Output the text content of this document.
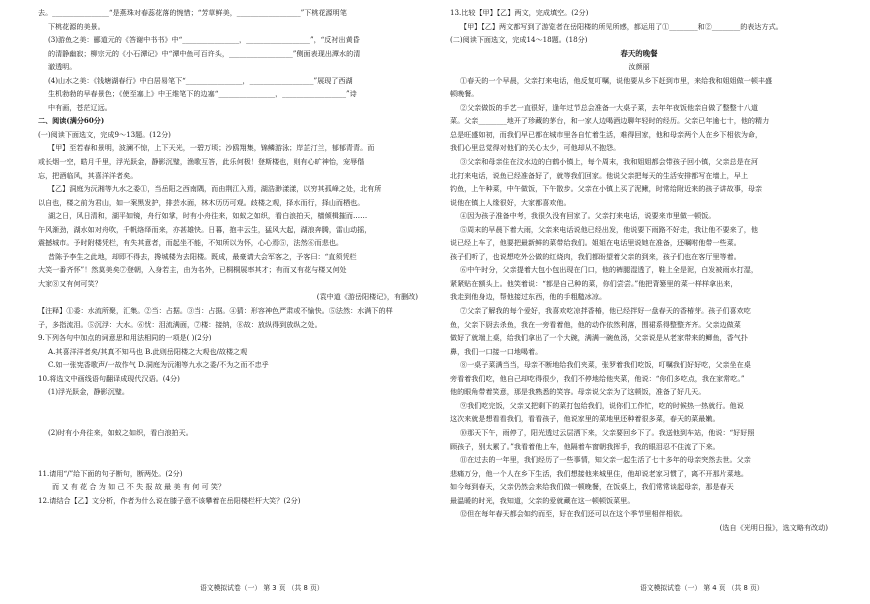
去。________________“是燕珠对春蕊花落的惋惜；“芳草鲜美，__________________”下桃花源明笔
下桃花源的美景。
(3)游鱼之美：郦道元的《答谢中书书》中“________________，__________________”，“反衬出黄昏
的清静幽寂；柳宗元的《小石潭记》中“潭中鱼可百许头，__________________”侧面表现出潭水的清
澈透明。
(4)山水之美：《钱塘湖春行》中白居易笔下“________________，__________________”展现了西湖
生机勃勃的早春景色；《使至塞上》中王维笔下的边塞“________________，__________________”诗
中有画，苍茫辽远。
二、阅读(满分60分)
(一)阅读下面选文，完成9～13题。(12分)
【甲】至若春和景明，波澜不惊，上下天光，一碧万顷；沙鸥翔集，锦鳞游泳；岸芷汀兰，郁郁青青。而
或长烟一空，皓月千里，浮光跃金，静影沉璧，渔歌互答，此乐何极！登斯楼也，则有心旷神怡，宠辱偕
忘，把酒临风，其喜洋洋者矣。
【乙】洞庭为沅湘等九水之委①，当岳阳之西南隅，而由荆江入焉，湖浩渺漾漾，以穷其孤峰之处，北有所
以自也，楼之前为君山，如一案黑发护，排芸水面，林木历历可观。歧楼之观，择水而行，择山而栖也。
湖之日，风日清和，湖平如镜，舟行如掌，时有小舟往来，如蚁之如织，看白浪拍天，樯倾楫摧而……
午风渐劲，湖水如对舟吹，千帆络绎而来，亦甚雄快。日暮，抱丰云生，猛风大起，湖浪奔腾，雷山动摇，
震撼城市。予时附楼凭栏，有失其意者，而起坐不能，不知所以为怀，心心焉⑤，法然⑥而悲也。
昔陈予李生之此地，却即不得去，搀城楼为去阳楼。既成，最豪请大会军客之，予客曰：“直须凭栏
大笑一番齐怀”！然莫美矣⑦登朝，入身若主，由为名外，已桐桐展率其才；有而又有花与楼又何处
大家⑧又有何可笑？
(袁中道《游岳阳楼记》，有删改)
【注释】①委：水流所聚，汇集。②当：占据。③当：占据。④猜：形容神色严肃或不愉快。⑤法然：水满下的样
子，多指流泪。⑤沉浮：大水。⑥忧：泪流满面，⑦楼：接纳，⑧故：放纵得到放纵之处。
9.下列各句中加点的词意思和用法相同的一项是( )(2分)
A.其喜洋洋者矣/其真不知马也 B.此则岳阳楼之大观也/故楼之观
C.如一张宪香歌声/一故作气 D.洞庭为沅湘等九水之委/不为之而不忠乎
10.将选文中画线语句翻译成现代汉语。(4分)
(1)浮光跃金，静影沉璧。
(2)时有小舟往来，如蚁之如织，看白浪拍天。
11.请用“/”给下面的句子断句，断两处。(2分)
而 又 有 花 合 为 如 己 不 失 报 故 最 美 有 何 可 笑？
12.请结合【乙】文分析，作者为什么说在膝子意不该攀着在岳阳楼栏杆大笑？(2分)
13.比较【甲】【乙】两文，完成填空。(2分)
【甲】【乙】两文都写到了游览者在岳阳楼的所见所感，都运用了①________和②________的表达方式。
(二)阅读下面选文，完成14～18题。(18分)
春天的晚餐
汝颜丽
①春天的一个早晨，父亲打来电话，他反复叮嘱，说他要从乡下赶到市里，来给我和姐姐做一顿丰盛
顿晚餐。
②父亲做饭的手艺一直很好，逢年过节总会准备一大桌子菜，去年年夜饭他亲自做了整整十八道
菜。父亲________地开了珍藏的茅台，和一家人边喝酒边聊年轻时的经历。父亲已年逾七十，他的精力
总是旺盛如初，而我们早已都在城市里各自忙着生活，难得回家，他和母亲两个人在乡下相依为命，
我们心里总觉得对他们的关心太少，可他却从不抱怨。
③父亲和母亲住在汶水边的白鹤小镇上，每个周末，我和姐姐都会带孩子回小镇，父亲总是在河
北打来电话，说鱼已经准备好了，就等我们回家。他说父亲把每天的生活安排都写在墙上，早上
钓鱼，上午种菜，中午做饭，下午散步。父亲在小镇上买了泥鳅，时常给附近来的孩子讲故事，母亲
说他在镇上人缘很好，大家都喜欢他。
④因为孩子准备中考，我很久没有回家了。父亲打来电话，说要来市里做一顿饭。
⑤周末的早晨下着大雨，父亲来电话说他已经出发，他说要下雨路不好走，我让他不要来了，他
说已经上车了，他要把最新鲜的菜带给我们。姐姐在电话里说她在准备，还嘱咐他带一些菜。
孩子们听了，也说想吃外公做的红烧肉，我们都盼望着父亲的到来，孩子们也在客厅里等着。
⑥中午时分，父亲提着大包小包出现在门口，他的裤腿湿透了，鞋上全是泥，白发被雨水打湿，
紧紧贴在额头上。他笑着说：“都是自己种的菜，你们尝尝。”他把背篓里的菜一样样拿出来，
我走到他身边，帮他接过东西，他的手粗糙冰凉。
⑦父亲了解我的每个爱好，我喜欢吃凉拌香椿，他已经拌好一盘春天的香椿芽。孩子们喜欢吃
鱼，父亲下厨去杀鱼，我在一旁看着他，他的动作依然利落，围裙系得整整齐齐。父亲边做菜
做好了就端上桌，给我们拿出了一个大碗，满满一碗鱼汤，父亲说是从老家带来的鲫鱼，香气扑
鼻，我们一口接一口地喝着。
⑧一桌子菜满当当，母亲不断地给我们夹菜，张罗着我们吃饭，叮嘱我们好好吃，父亲坐在桌
旁看着我们吃，他自己却吃得很少，我们不停地给他夹菜，他说：“你们多吃点，我在家常吃。”
他的眼角带着笑意，那是我熟悉的笑容。母亲说父亲为了这顿饭，准备了好几天。
⑨我们吃完饭，父亲又把剩下的菜打包给我们，说你们工作忙，吃的时候热一热就行。他说
这次来就是想看看我们，看看孩子，他说家里的菜地里还种着很多菜，春天的菜最嫩。
⑩那天下午，雨停了，阳光透过云层洒下来，父亲要回乡下了。我送他到车站，他说：“好好照
顾孩子，别太累了。”我看着他上车，他隔着车窗朝我挥手，我的眼泪忍不住流了下来。
⑪在过去的一年里，我们经历了一些事情，知父亲一起生活了七十多年的母亲突然去世。父亲
悲痛万分，他一个人在乡下生活，我们想接他来城里住，他却说老家习惯了，离不开那片菜地。
如今每到春天，父亲仍然会来给我们做一顿晚餐，在饭桌上，我们常常谈起母亲，那是春天
最温暖的时光，我知道，父亲的爱就藏在这一顿顿饭菜里。
⑫但在每年春天都会如约而至，好在我们还可以在这个季节里相伴相依。
(选自《光明日报》，选文略有改动)
语文模拟试卷（一） 第 3 页 （共 8 页）	语文模拟试卷（一） 第 4 页 （共 8 页）
